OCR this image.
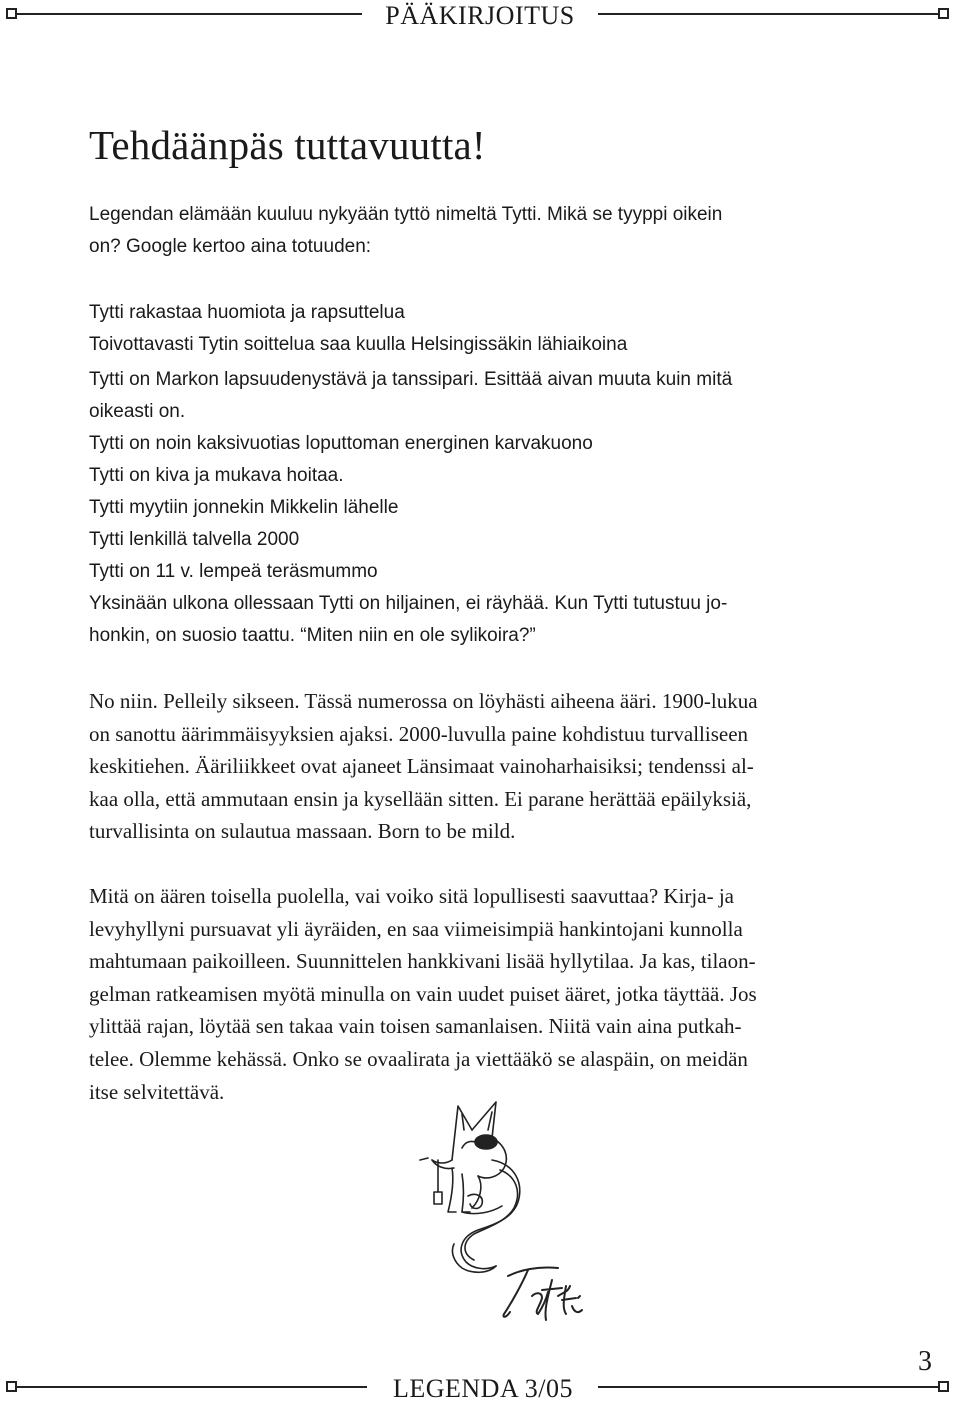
PÄÄKIRJOITUS
Tehdäänpäs tuttavuutta!
Legendan elämään kuuluu nykyään tyttö nimeltä Tytti. Mikä se tyyppi oikein
on? Google kertoo aina totuuden:
Tytti rakastaa huomiota ja rapsuttelua
Toivottavasti Tytin soittelua saa kuulla Helsingissäkin lähiaikoina
Tytti on Markon lapsuudenystävä ja tanssipari. Esittää aivan muuta kuin mitä
oikeasti on.
Tytti on noin kaksivuotias loputtoman energinen karvakuono
Tytti on kiva ja mukava hoitaa.
Tytti myytiin jonnekin Mikkelin lähelle
Tytti lenkillä talvella 2000
Tytti on 11 v. lempeä teräsmummo
Yksinään ulkona ollessaan Tytti on hiljainen, ei räyhää. Kun Tytti tutustuu jo-
honkin, on suosio taattu. “Miten niin en ole sylikoira?”
No niin. Pelleily sikseen. Tässä numerossa on löyhästi aiheena ääri. 1900-lukua
on sanottu äärimmäisyyksien ajaksi. 2000-luvulla paine kohdistuu turvalliseen
keskitiehen. Ääriliikkeet ovat ajaneet Länsimaat vainoharhaisiksi; tendenssi al-
kaa olla, että ammutaan ensin ja kysellään sitten. Ei parane herättää epäilyksiä,
turvallisinta on sulautua massaan. Born to be mild.
Mitä on äären toisella puolella, vai voiko sitä lopullisesti saavuttaa? Kirja- ja
levyhyllyni pursuavat yli äyräiden, en saa viimeisimpiä hankintojani kunnolla
mahtumaan paikoilleen. Suunnittelen hankkivani lisää hyllytilaa. Ja kas, tilaon-
gelman ratkeamisen myötä minulla on vain uudet puiset ääret, jotka täyttää. Jos
ylittää rajan, löytää sen takaa vain toisen samanlaisen. Niitä vain aina putkah-
telee. Olemme kehässä. Onko se ovaalirata ja viettääkö se alaspäin, on meidän
itse selvitettävä.
LEGENDA 3/05
3
